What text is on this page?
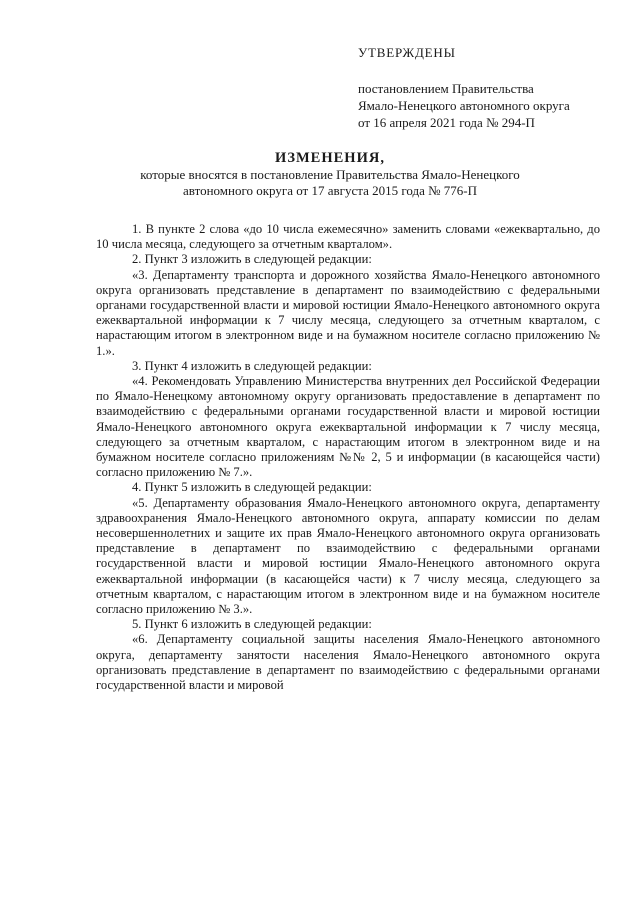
УТВЕРЖДЕНЫ
постановлением Правительства
Ямало-Ненецкого автономного округа
от 16 апреля 2021 года № 294-П
ИЗМЕНЕНИЯ,
которые вносятся в постановление Правительства Ямало-Ненецкого
автономного округа от 17 августа 2015 года № 776-П

1. В пункте 2 слова «до 10 числа ежемесячно» заменить словами «ежеквартально, до 10 числа месяца, следующего за отчетным кварталом».

2. Пункт 3 изложить в следующей редакции:

«3. Департаменту транспорта и дорожного хозяйства Ямало-Ненецкого автономного округа организовать представление в департамент по взаимодействию с федеральными органами государственной власти и мировой юстиции Ямало-Ненецкого автономного округа ежеквартальной информации к 7 числу месяца, следующего за отчетным кварталом, с нарастающим итогом в электронном виде и на бумажном носителе согласно приложению № 1.».

3. Пункт 4 изложить в следующей редакции:

«4. Рекомендовать Управлению Министерства внутренних дел Российской Федерации по Ямало-Ненецкому автономному округу организовать предоставление в департамент по взаимодействию с федеральными органами государственной власти и мировой юстиции Ямало-Ненецкого автономного округа ежеквартальной информации к 7 числу месяца, следующего за отчетным кварталом, с нарастающим итогом в электронном виде и на бумажном носителе согласно приложениям №№ 2, 5 и информации (в касающейся части) согласно приложению № 7.».

4. Пункт 5 изложить в следующей редакции:

«5. Департаменту образования Ямало-Ненецкого автономного округа, департаменту здравоохранения Ямало-Ненецкого автономного округа, аппарату комиссии по делам несовершеннолетних и защите их прав Ямало-Ненецкого автономного округа организовать представление в департамент по взаимодействию с федеральными органами государственной власти и мировой юстиции Ямало-Ненецкого автономного округа ежеквартальной информации (в касающейся части) к 7 числу месяца, следующего за отчетным кварталом, с нарастающим итогом в электронном виде и на бумажном носителе согласно приложению № 3.».

5. Пункт 6 изложить в следующей редакции:

«6. Департаменту социальной защиты населения Ямало-Ненецкого автономного округа, департаменту занятости населения Ямало-Ненецкого автономного округа организовать представление в департамент по взаимодействию с федеральными органами государственной власти и мировой
